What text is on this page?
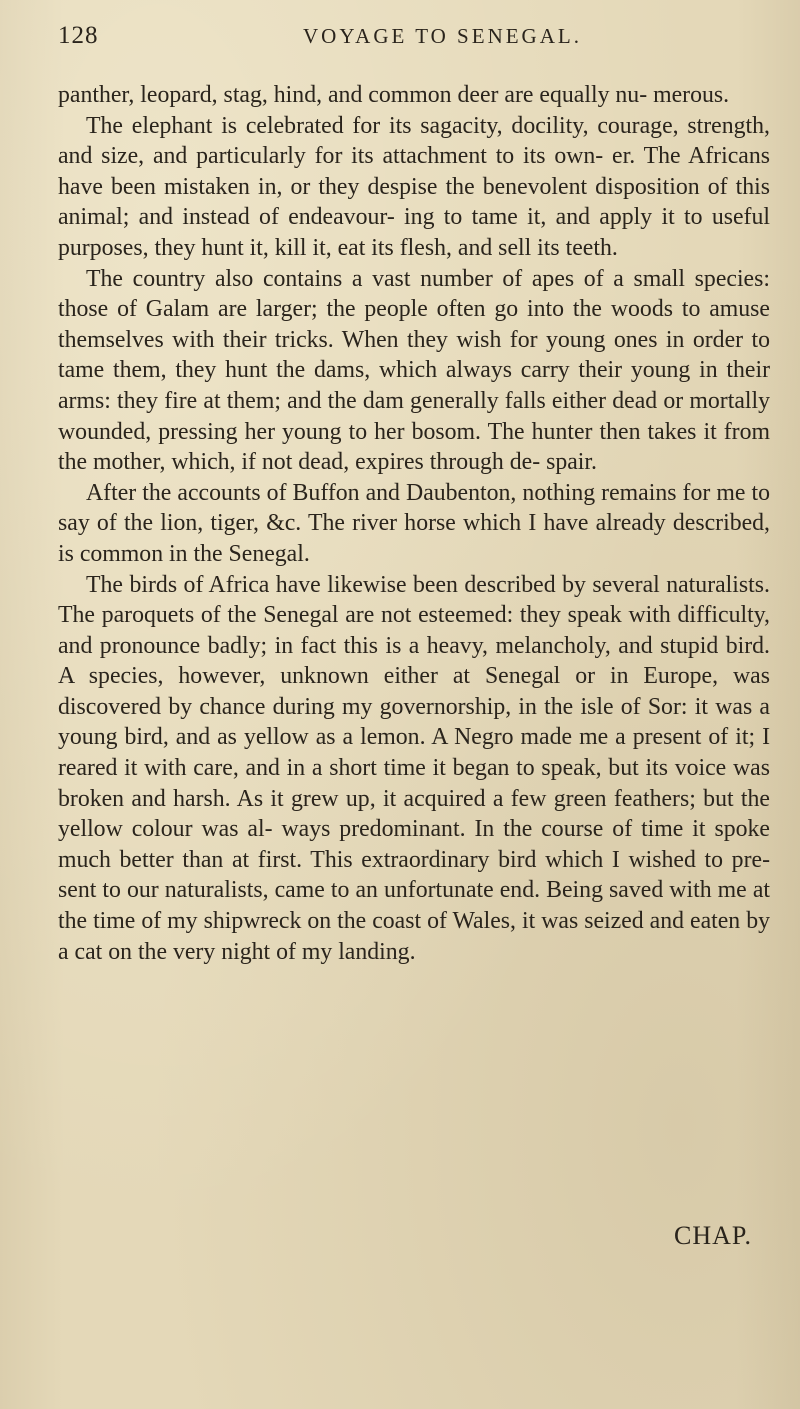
128	VOYAGE TO SENEGAL.

panther, leopard, stag, hind, and common deer are equally nu- merous.

The elephant is celebrated for its sagacity, docility, courage, strength, and size, and particularly for its attachment to its own- er. The Africans have been mistaken in, or they despise the benevolent disposition of this animal; and instead of endeavour- ing to tame it, and apply it to useful purposes, they hunt it, kill it, eat its flesh, and sell its teeth.

The country also contains a vast number of apes of a small species: those of Galam are larger; the people often go into the woods to amuse themselves with their tricks. When they wish for young ones in order to tame them, they hunt the dams, which always carry their young in their arms: they fire at them; and the dam generally falls either dead or mortally wounded, pressing her young to her bosom. The hunter then takes it from the mother, which, if not dead, expires through de- spair.

After the accounts of Buffon and Daubenton, nothing remains for me to say of the lion, tiger, &c. The river horse which I have already described, is common in the Senegal.

The birds of Africa have likewise been described by several naturalists. The paroquets of the Senegal are not esteemed: they speak with difficulty, and pronounce badly; in fact this is a heavy, melancholy, and stupid bird. A species, however, unknown either at Senegal or in Europe, was discovered by chance during my governorship, in the isle of Sor: it was a young bird, and as yellow as a lemon. A Negro made me a present of it; I reared it with care, and in a short time it began to speak, but its voice was broken and harsh. As it grew up, it acquired a few green feathers; but the yellow colour was al- ways predominant. In the course of time it spoke much better than at first. This extraordinary bird which I wished to pre- sent to our naturalists, came to an unfortunate end. Being saved with me at the time of my shipwreck on the coast of Wales, it was seized and eaten by a cat on the very night of my landing.

CHAP.
